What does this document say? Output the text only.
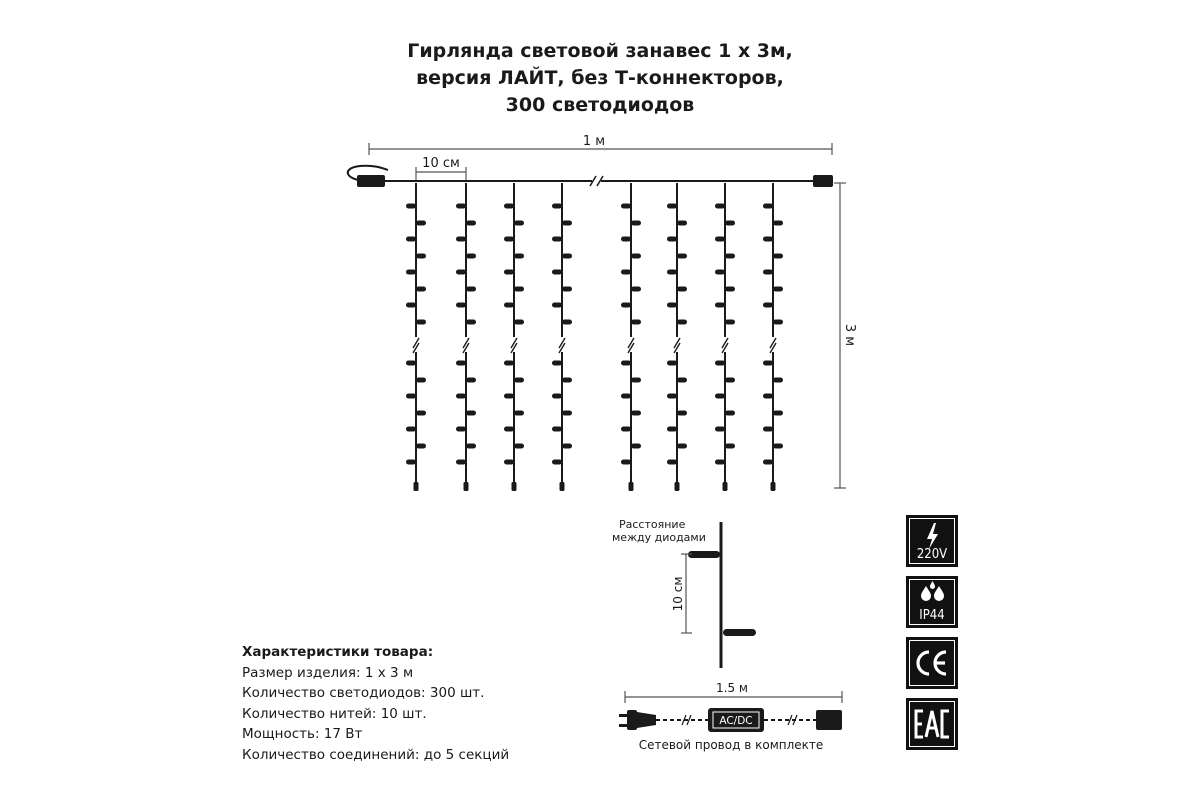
Гирлянда световой занавес 1 х 3м,
версия ЛАЙТ, без Т-коннекторов,
300 светодиодов
1 м
10 см
3 м
Расстояние
между диодами
10 см
1.5 м
AC/DC
Сетевой провод в комплекте
Характеристики товара:
Размер изделия: 1 х 3 м
Количество светодиодов: 300 шт.
Количество нитей: 10 шт.
Мощность: 17 Вт
Количество соединений: до 5 секций
220V
IP44
